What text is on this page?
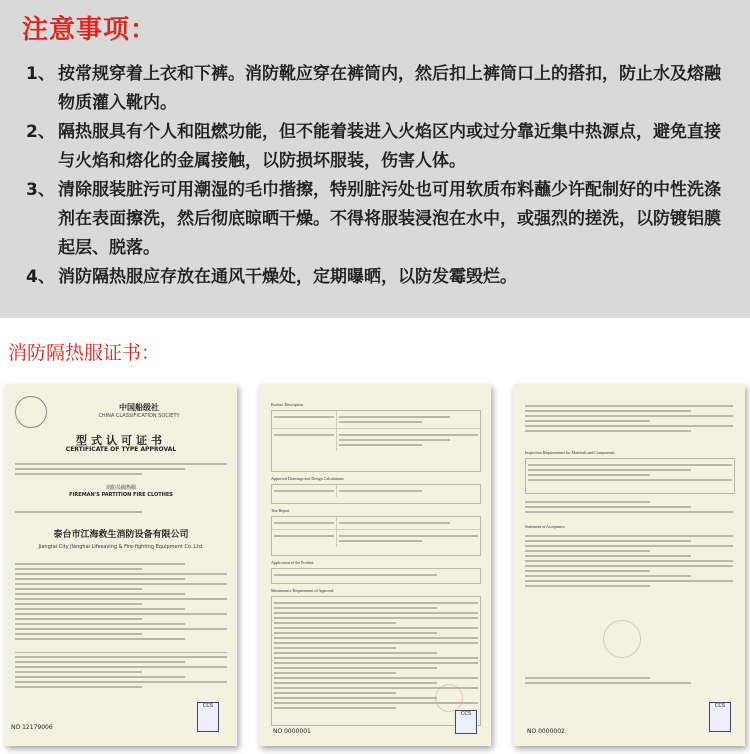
注意事项：
1、 按常规穿着上衣和下裤。消防靴应穿在裤筒内，然后扣上裤筒口上的搭扣，防止水及熔融物质灌入靴内。
2、 隔热服具有个人和阻燃功能，但不能着装进入火焰区内或过分靠近集中热源点，避免直接与火焰和熔化的金属接触，以防损坏服装，伤害人体。
3、 清除服装脏污可用潮湿的毛巾揩擦，特别脏污处也可用软质布料蘸少许配制好的中性洗涤剂在表面擦洗，然后彻底晾晒干燥。不得将服装浸泡在水中，或强烈的搓洗，以防镀铝膜起层、脱落。
4、 消防隔热服应存放在通风干燥处，定期曝晒，以防发霉毁烂。
消防隔热服证书：
中国船级社
CHINA CLASSIFICATION SOCIETY
型式认可证书
CERTIFICATE OF TYPE APPROVAL
消防员隔热服
FIREMAN'S PARTITION FIRE CLOTHES
泰台市江海救生消防设备有限公司
Jiangtai City Jianghai Lifesaving & Fire-fighting Equipment Co.,Ltd.
CCS
NO 12179006
Product Description
Approved Drawings and Design Calculations
Test Report
Application of the Product
Maintenance Requirement of Approval
CCS
NO 0000001
Inspection Requirements for Materials and Components
Statement of Acceptance
CCS
NO 0000002
